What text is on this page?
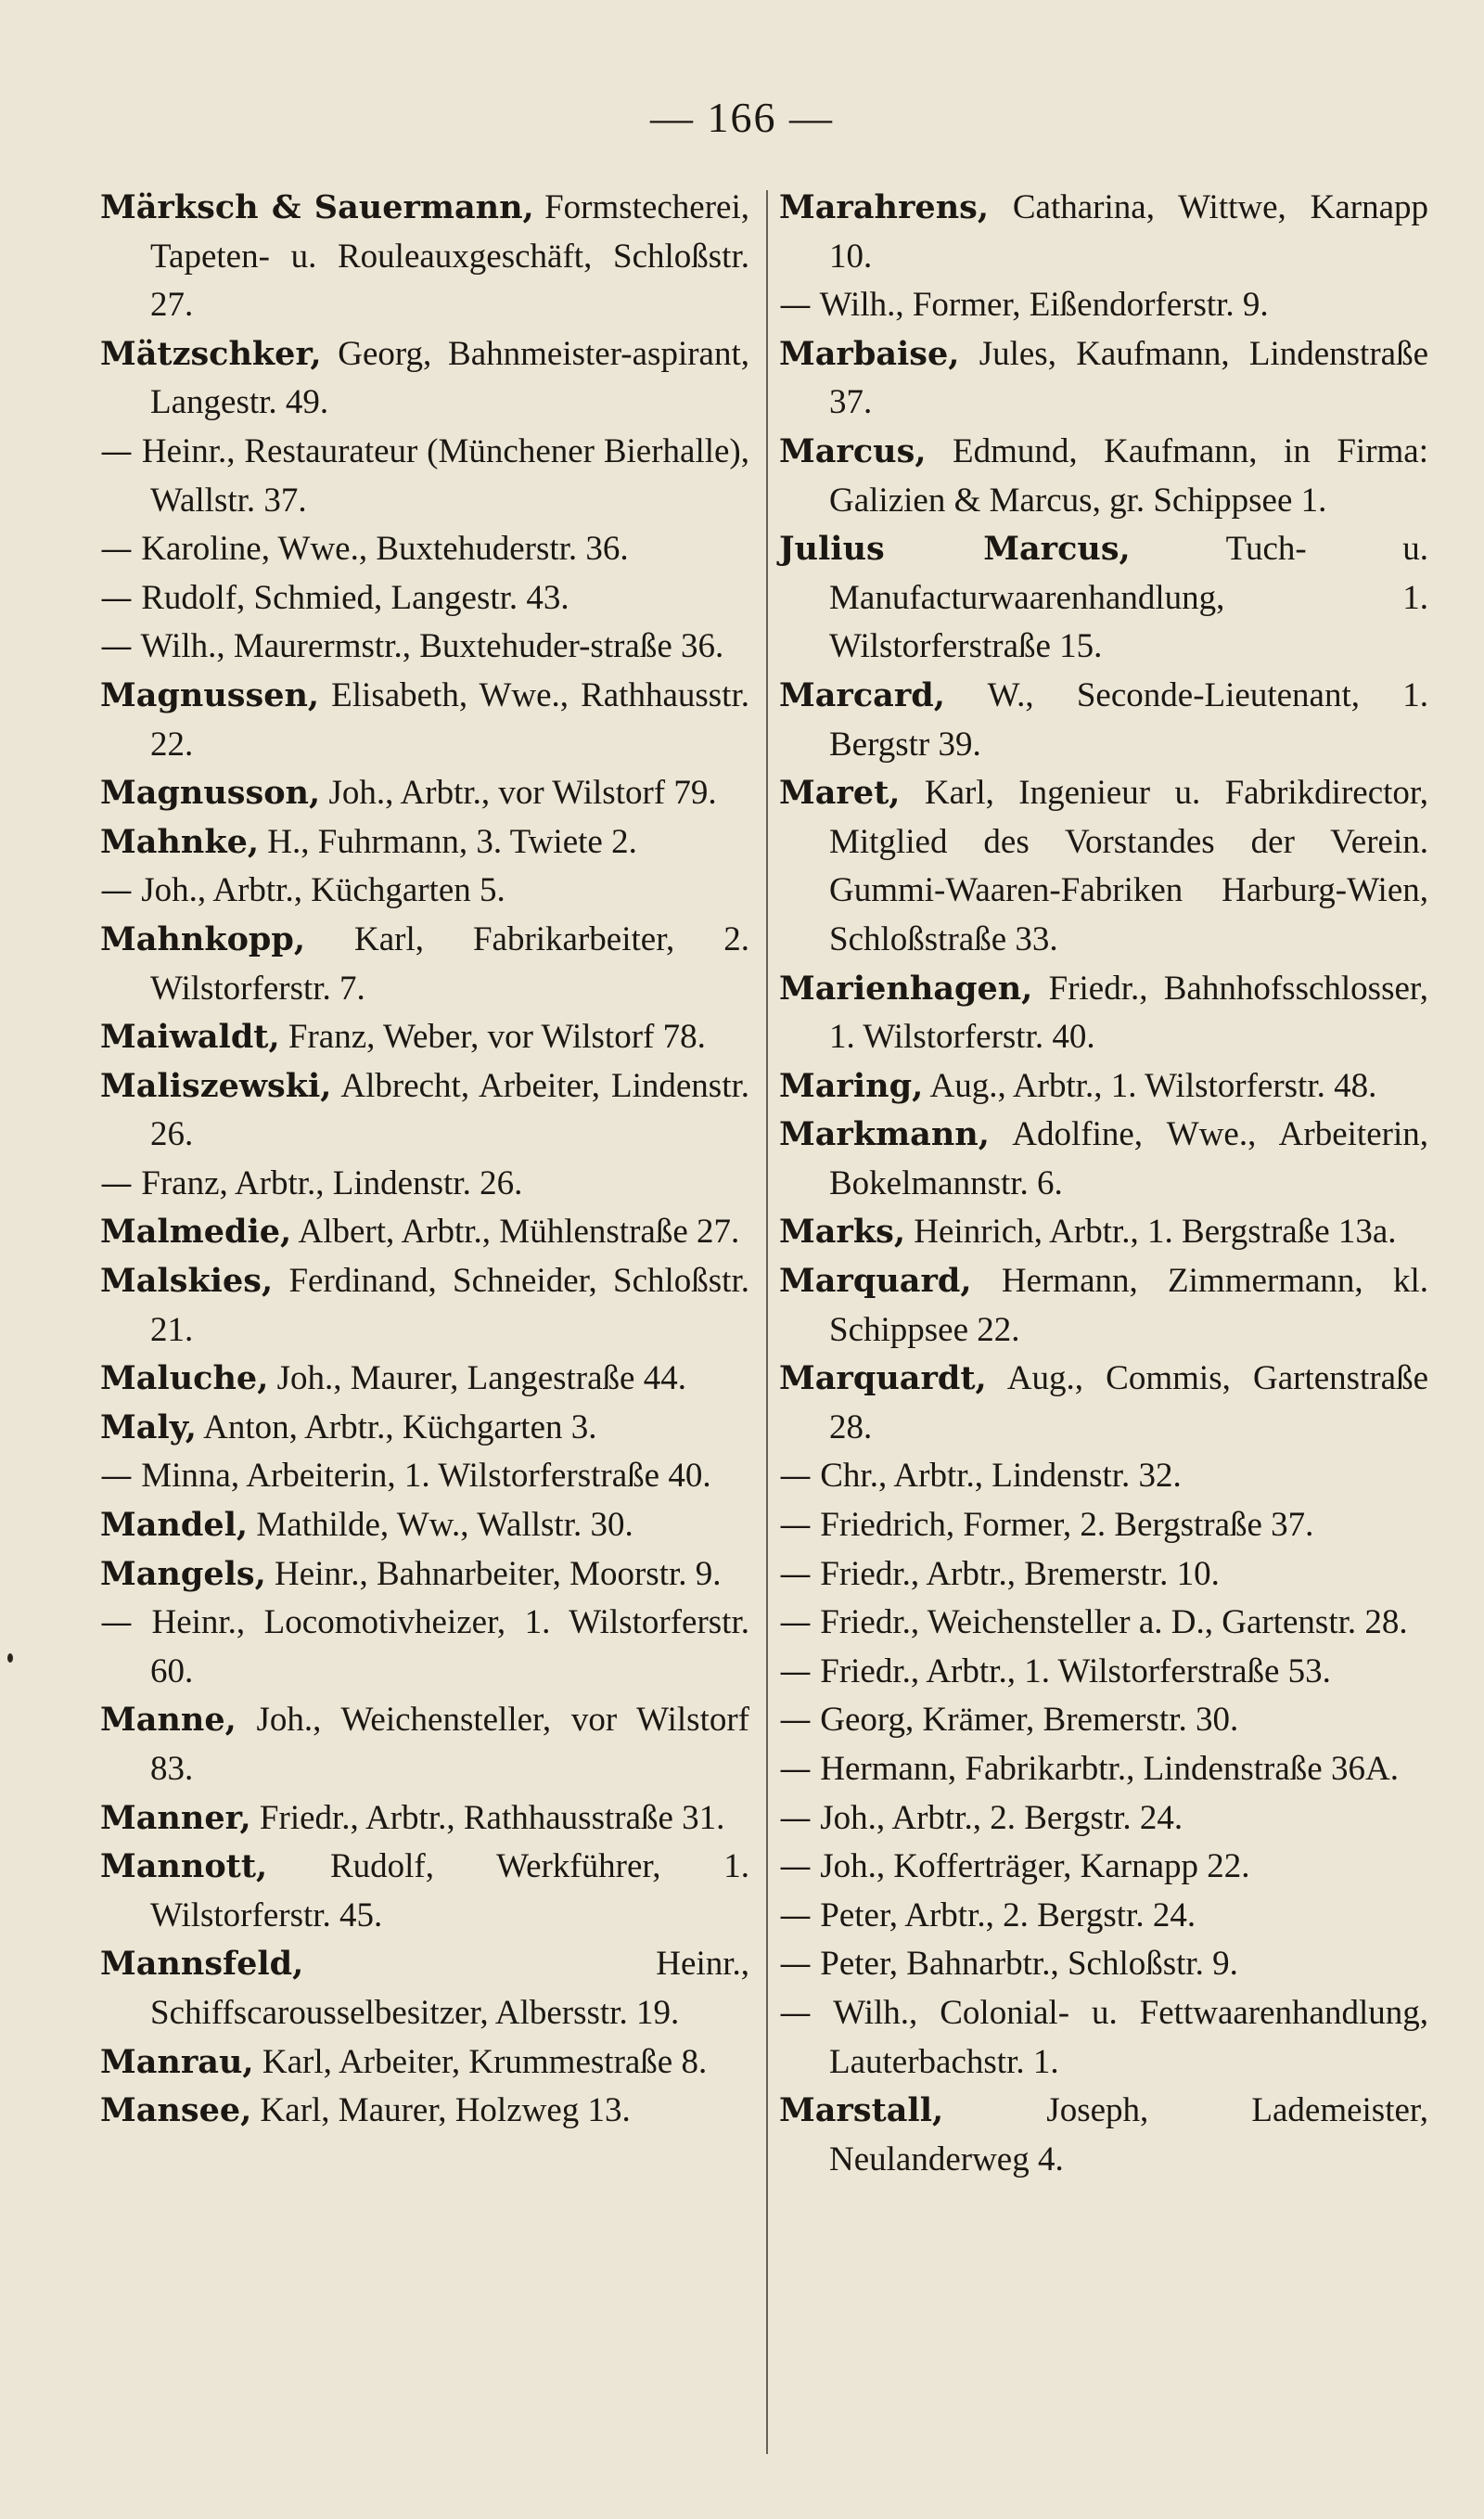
— 166 —

Märksch & Sauermann, Formstecherei, Tapeten- u. Rouleauxgeschäft, Schloßstr. 27.

Mätzschker, Georg, Bahnmeister-aspirant, Langestr. 49.

— Heinr., Restaurateur (Münchener Bierhalle), Wallstr. 37.

— Karoline, Wwe., Buxtehuderstr. 36.

— Rudolf, Schmied, Langestr. 43.

— Wilh., Maurermstr., Buxtehuder-straße 36.

Magnussen, Elisabeth, Wwe., Rathhausstr. 22.

Magnusson, Joh., Arbtr., vor Wilstorf 79.

Mahnke, H., Fuhrmann, 3. Twiete 2.

— Joh., Arbtr., Küchgarten 5.

Mahnkopp, Karl, Fabrikarbeiter, 2. Wilstorferstr. 7.

Maiwaldt, Franz, Weber, vor Wilstorf 78.

Maliszewski, Albrecht, Arbeiter, Lindenstr. 26.

— Franz, Arbtr., Lindenstr. 26.

Malmedie, Albert, Arbtr., Mühlenstraße 27.

Malskies, Ferdinand, Schneider, Schloßstr. 21.

Maluche, Joh., Maurer, Langestraße 44.

Maly, Anton, Arbtr., Küchgarten 3.

— Minna, Arbeiterin, 1. Wilstorferstraße 40.

Mandel, Mathilde, Ww., Wallstr. 30.

Mangels, Heinr., Bahnarbeiter, Moorstr. 9.

— Heinr., Locomotivheizer, 1. Wilstorferstr. 60.

Manne, Joh., Weichensteller, vor Wilstorf 83.

Manner, Friedr., Arbtr., Rathhausstraße 31.

Mannott, Rudolf, Werkführer, 1. Wilstorferstr. 45.

Mannsfeld,	Heinr., Schiffscarousselbesitzer, Albersstr. 19.

Manrau, Karl, Arbeiter, Krummestraße 8.

Mansee, Karl, Maurer, Holzweg 13.

Marahrens, Catharina, Wittwe, Karnapp 10.

— Wilh., Former, Eißendorferstr. 9.

Marbaise, Jules, Kaufmann, Lindenstraße 37.

Marcus, Edmund, Kaufmann, in Firma: Galizien & Marcus, gr. Schippsee 1.

Julius Marcus,	Tuch- u. Manufacturwaarenhandlung, 1. Wilstorferstraße 15.

Marcard, W., Seconde-Lieutenant, 1. Bergstr 39.

Maret, Karl, Ingenieur u. Fabrikdirector, Mitglied des Vorstandes der Verein. Gummi-Waaren-Fabriken Harburg-Wien, Schloßstraße 33.

Marienhagen, Friedr., Bahnhofsschlosser, 1. Wilstorferstr. 40.

Maring, Aug., Arbtr., 1. Wilstorferstr. 48.

Markmann, Adolfine, Wwe., Arbeiterin, Bokelmannstr. 6.

Marks, Heinrich, Arbtr., 1. Bergstraße 13a.

Marquard, Hermann, Zimmermann, kl. Schippsee 22.

Marquardt, Aug., Commis, Gartenstraße 28.

— Chr., Arbtr., Lindenstr. 32.

— Friedrich, Former, 2. Bergstraße 37.

— Friedr., Arbtr., Bremerstr. 10.

— Friedr., Weichensteller a. D., Gartenstr. 28.

— Friedr., Arbtr., 1. Wilstorferstraße 53.

— Georg, Krämer, Bremerstr. 30.

— Hermann, Fabrikarbtr., Lindenstraße 36A.

— Joh., Arbtr., 2. Bergstr. 24.

— Joh., Kofferträger, Karnapp 22.

— Peter, Arbtr., 2. Bergstr. 24.

— Peter, Bahnarbtr., Schloßstr. 9.

— Wilh., Colonial- u. Fettwaarenhandlung, Lauterbachstr. 1.

Marstall,	Joseph, Lademeister, Neulanderweg 4.
